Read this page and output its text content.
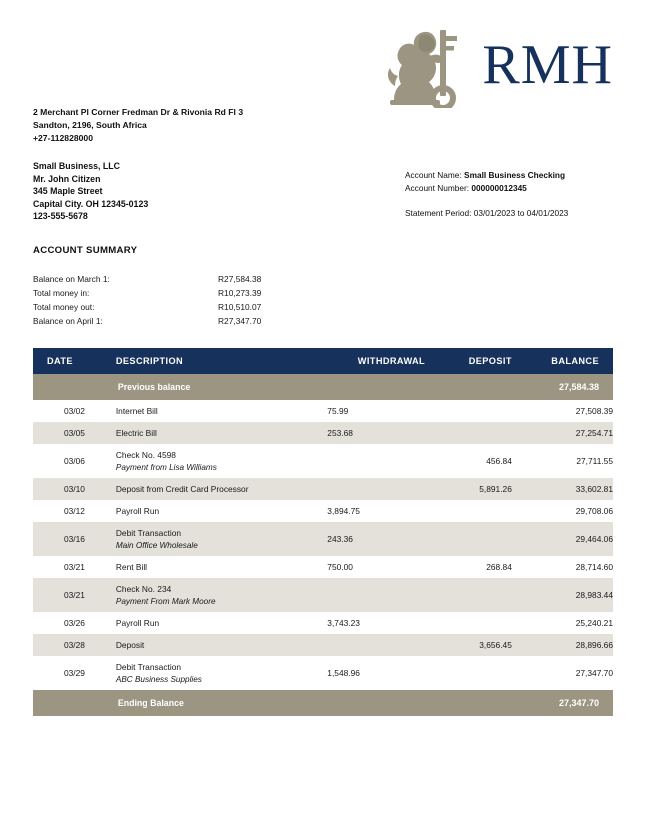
RMH
2 Merchant Pl Corner Fredman Dr & Rivonia Rd Fl 3
Sandton, 2196, South Africa
+27-112828000
Small Business, LLC
Mr. John Citizen
345 Maple Street
Capital City. OH 12345-0123
123-555-5678
Account Name: Small Business Checking
Account Number: 000000012345
Statement Period: 03/01/2023 to 04/01/2023
ACCOUNT SUMMARY
Balance on March 1:	R27,584.38
Total money in:	R10,273.39
Total money out:	R10,510.07
Balance on April 1:	R27,347.70
DATE	DESCRIPTION	WITHDRAWAL	DEPOSIT	BALANCE
	Previous balance			27,584.38
03/02	Internet Bill	75.99		27,508.39
03/05	Electric Bill	253.68		27,254.71
03/06	Check No. 4598
Payment from Lisa Williams		456.84	27,711.55
03/10	Deposit from Credit Card Processor		5,891.26	33,602.81
03/12	Payroll Run	3,894.75		29,708.06
03/16	Debit Transaction
Main Office Wholesale	243.36		29,464.06
03/21	Rent Bill	750.00	268.84	28,714.60
03/21	Check No. 234
Payment From Mark Moore			28,983.44
03/26	Payroll Run	3,743.23		25,240.21
03/28	Deposit		3,656.45	28,896.66
03/29	Debit Transaction
ABC Business Supplies	1,548.96		27,347.70
	Ending Balance			27,347.70
